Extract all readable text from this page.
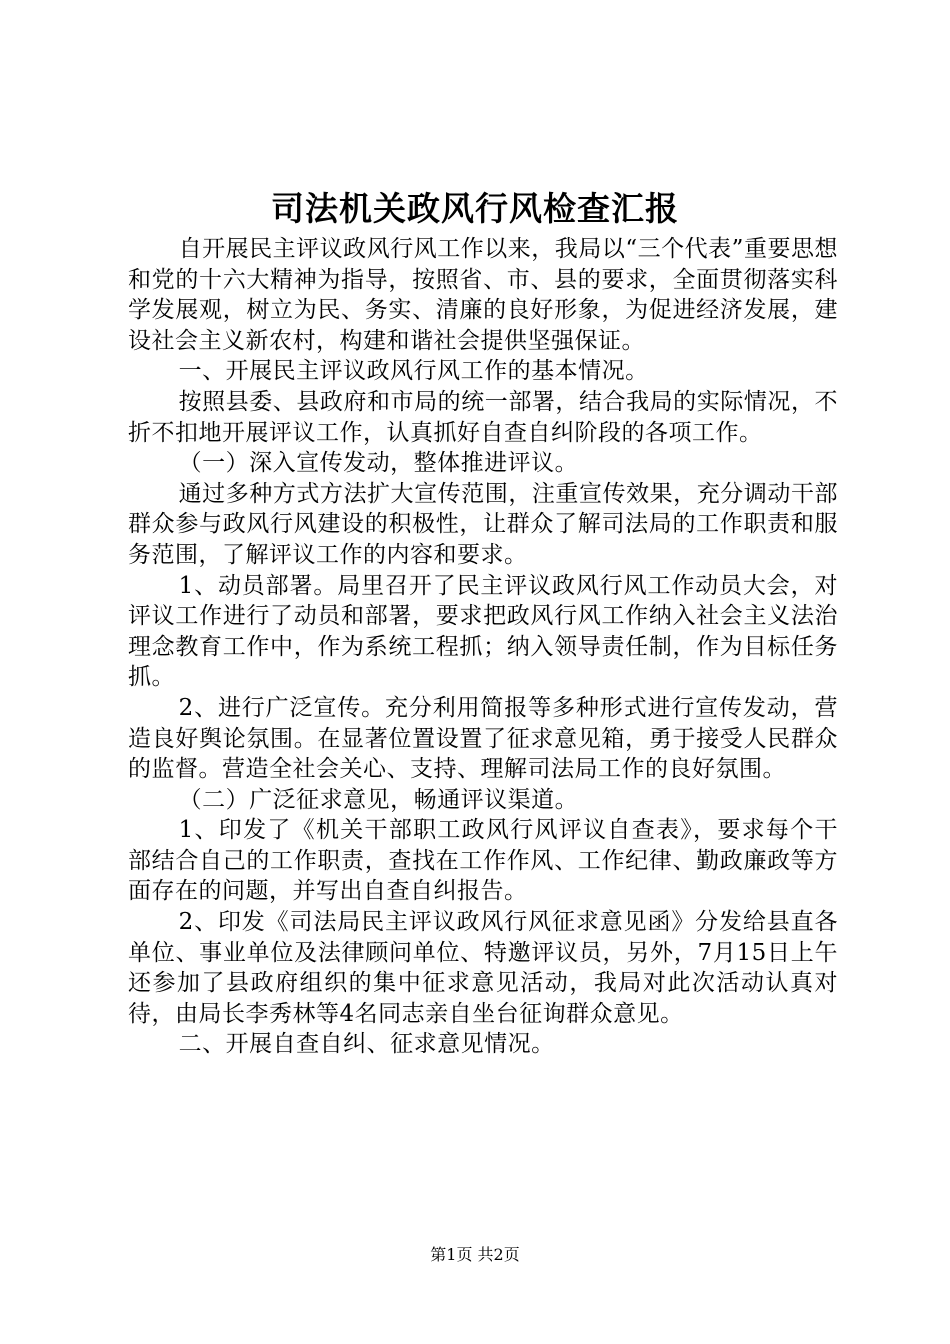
司法机关政风行风检查汇报

自开展民主评议政风行风工作以来，我局以“三个代表”重要思想和党的十六大精神为指导，按照省、市、县的要求，全面贯彻落实科学发展观，树立为民、务实、清廉的良好形象，为促进经济发展，建设社会主义新农村，构建和谐社会提供坚强保证。

一、开展民主评议政风行风工作的基本情况。

按照县委、县政府和市局的统一部署，结合我局的实际情况，不折不扣地开展评议工作，认真抓好自查自纠阶段的各项工作。

（一）深入宣传发动，整体推进评议。

通过多种方式方法扩大宣传范围，注重宣传效果，充分调动干部群众参与政风行风建设的积极性，让群众了解司法局的工作职责和服务范围，了解评议工作的内容和要求。

1、动员部署。局里召开了民主评议政风行风工作动员大会，对评议工作进行了动员和部署，要求把政风行风工作纳入社会主义法治理念教育工作中，作为系统工程抓；纳入领导责任制，作为目标任务抓。

2、进行广泛宣传。充分利用简报等多种形式进行宣传发动，营造良好舆论氛围。在显著位置设置了征求意见箱，勇于接受人民群众的监督。营造全社会关心、支持、理解司法局工作的良好氛围。

（二）广泛征求意见，畅通评议渠道。

1、印发了《机关干部职工政风行风评议自查表》，要求每个干部结合自己的工作职责，查找在工作作风、工作纪律、勤政廉政等方面存在的问题，并写出自查自纠报告。

2、印发《司法局民主评议政风行风征求意见函》分发给县直各单位、事业单位及法律顾问单位、特邀评议员，另外，7月15日上午还参加了县政府组织的集中征求意见活动，我局对此次活动认真对待，由局长李秀林等4名同志亲自坐台征询群众意见。

二、开展自查自纠、征求意见情况。

第1页 共2页
